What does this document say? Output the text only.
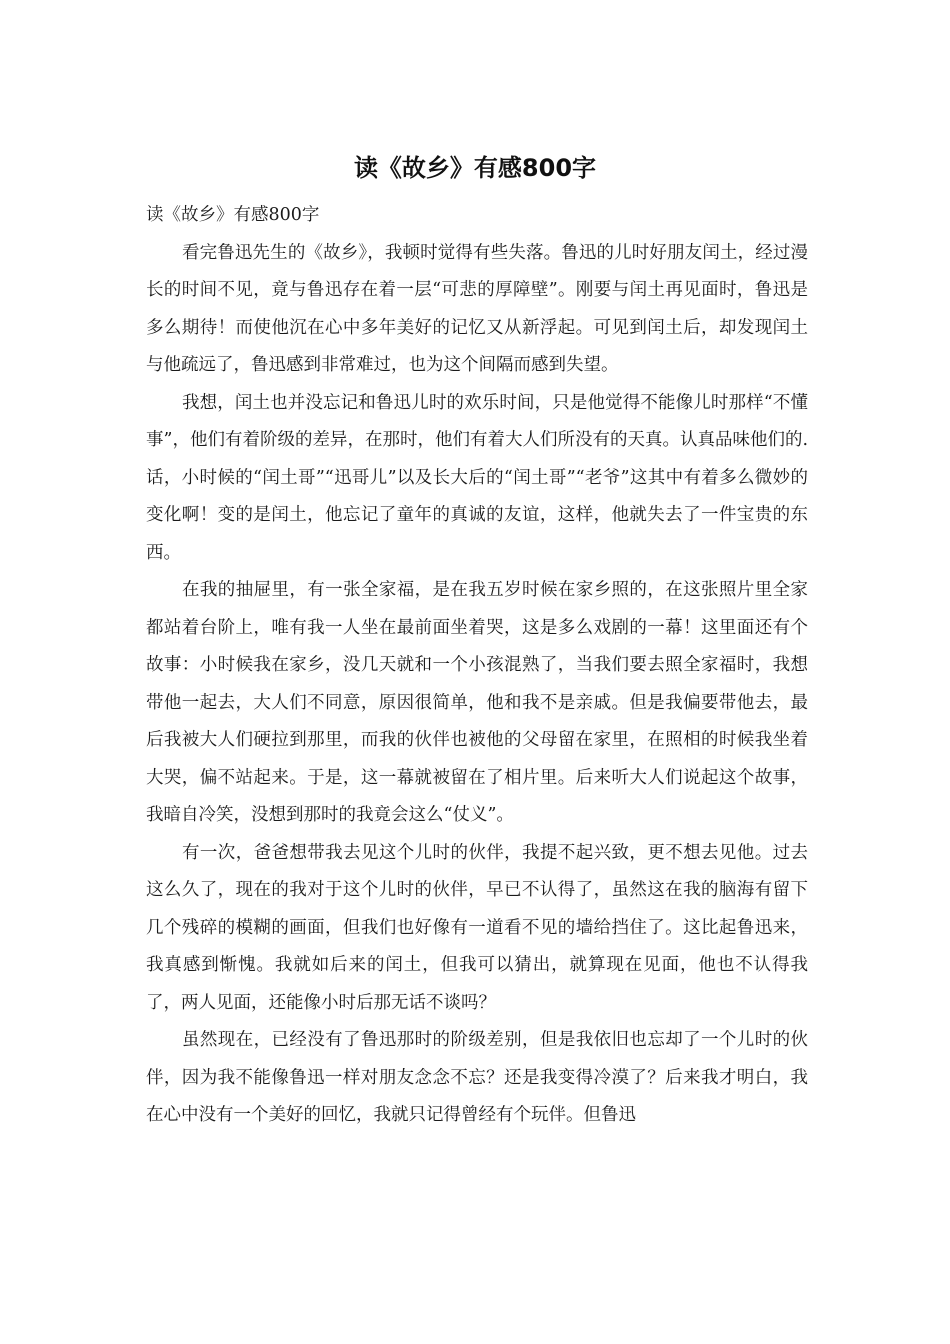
读《故乡》有感800字

读《故乡》有感800字

看完鲁迅先生的《故乡》，我顿时觉得有些失落。鲁迅的儿时好朋友闰土，经过漫长的时间不见，竟与鲁迅存在着一层“可悲的厚障壁”。刚要与闰土再见面时，鲁迅是多么期待！而使他沉在心中多年美好的记忆又从新浮起。可见到闰土后，却发现闰土与他疏远了，鲁迅感到非常难过，也为这个间隔而感到失望。

我想，闰土也并没忘记和鲁迅儿时的欢乐时间，只是他觉得不能像儿时那样“不懂事”，他们有着阶级的差异，在那时，他们有着大人们所没有的天真。认真品味他们的.话，小时候的“闰土哥”“迅哥儿”以及长大后的“闰土哥”“老爷”这其中有着多么微妙的变化啊！变的是闰土，他忘记了童年的真诚的友谊，这样，他就失去了一件宝贵的东西。

在我的抽屉里，有一张全家福，是在我五岁时候在家乡照的，在这张照片里全家都站着台阶上，唯有我一人坐在最前面坐着哭，这是多么戏剧的一幕！这里面还有个故事：小时候我在家乡，没几天就和一个小孩混熟了，当我们要去照全家福时，我想带他一起去，大人们不同意，原因很简单，他和我不是亲戚。但是我偏要带他去，最后我被大人们硬拉到那里，而我的伙伴也被他的父母留在家里，在照相的时候我坐着大哭，偏不站起来。于是，这一幕就被留在了相片里。后来听大人们说起这个故事，我暗自冷笑，没想到那时的我竟会这么“仗义”。

有一次，爸爸想带我去见这个儿时的伙伴，我提不起兴致，更不想去见他。过去这么久了，现在的我对于这个儿时的伙伴，早已不认得了，虽然这在我的脑海有留下几个残碎的模糊的画面，但我们也好像有一道看不见的墙给挡住了。这比起鲁迅来，我真感到惭愧。我就如后来的闰土，但我可以猜出，就算现在见面，他也不认得我了，两人见面，还能像小时后那无话不谈吗？

虽然现在，已经没有了鲁迅那时的阶级差别，但是我依旧也忘却了一个儿时的伙伴，因为我不能像鲁迅一样对朋友念念不忘？还是我变得冷漠了？后来我才明白，我在心中没有一个美好的回忆，我就只记得曾经有个玩伴。但鲁迅
